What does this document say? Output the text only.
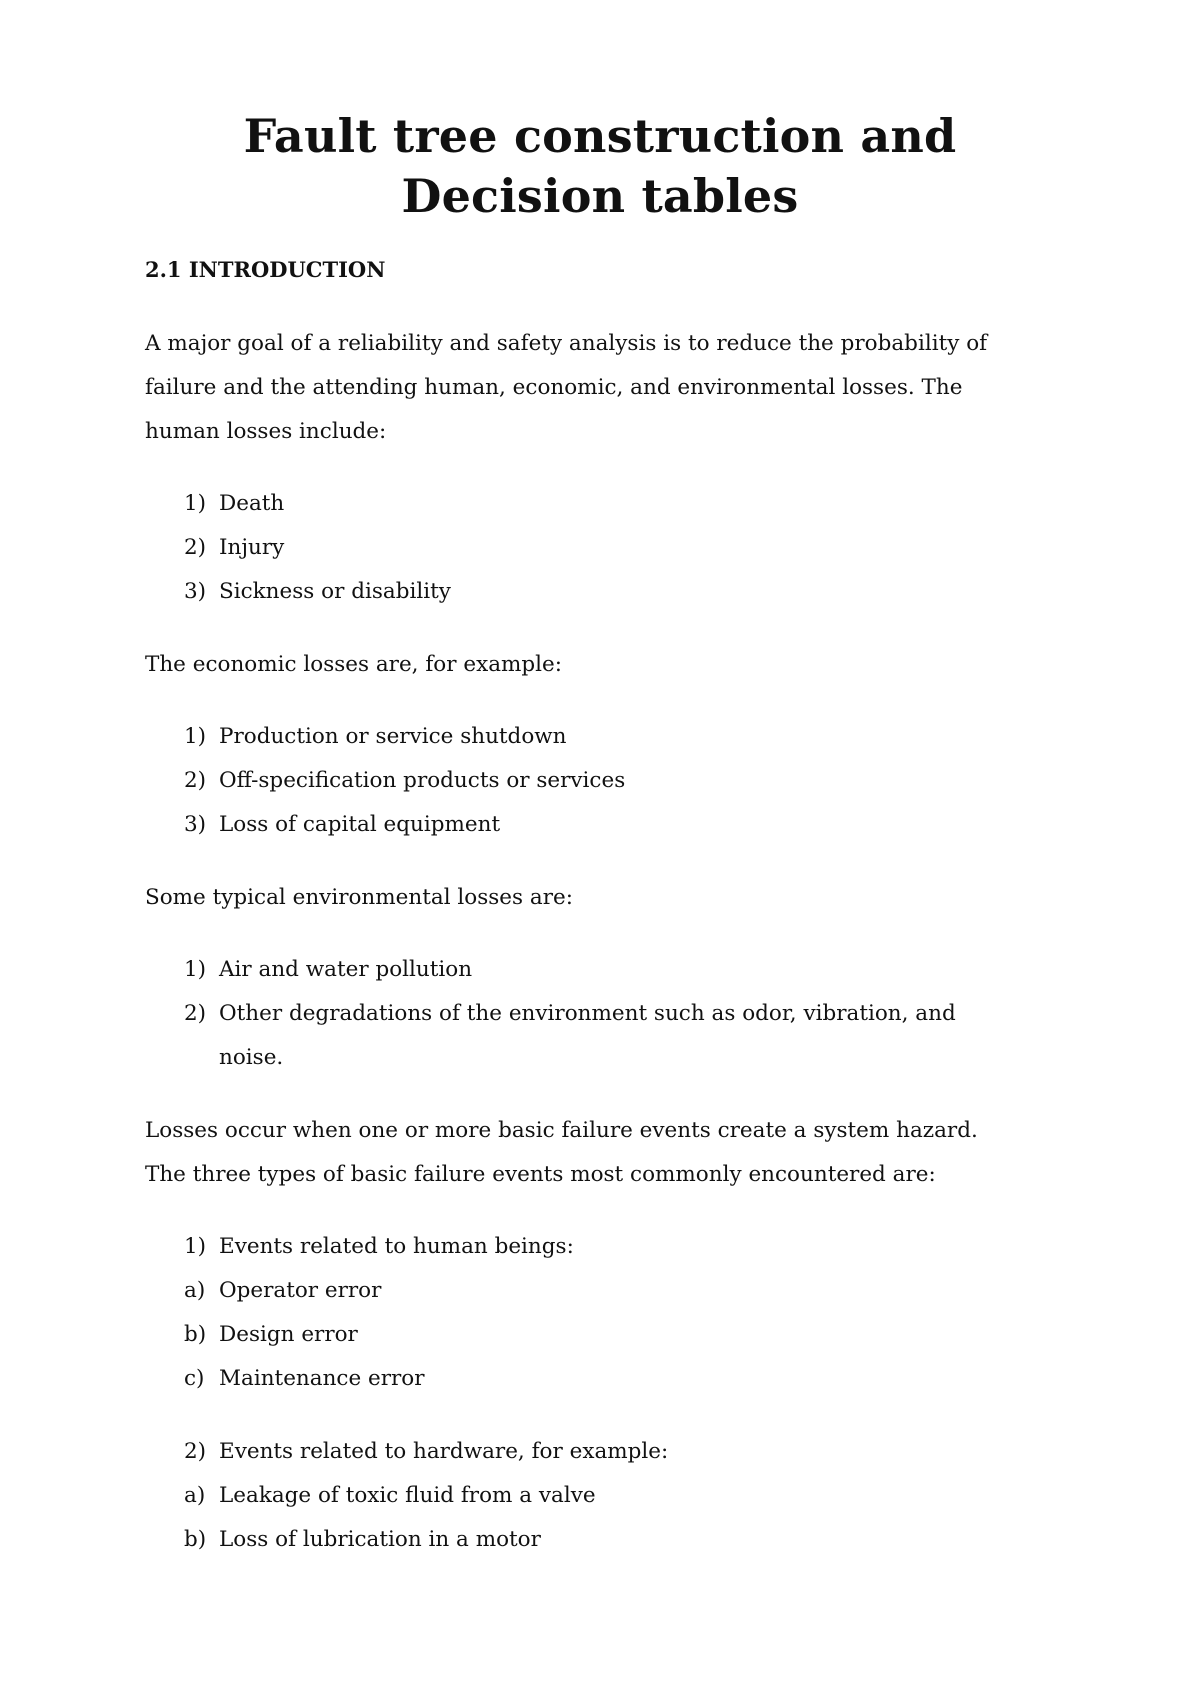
Fault tree construction and
Decision tables
2.1 INTRODUCTION
A major goal of a reliability and safety analysis is to reduce the probability of
failure and the attending human, economic, and environmental losses. The
human losses include:
1) Death
2) Injury
3) Sickness or disability
The economic losses are, for example:
1) Production or service shutdown
2) Off-specification products or services
3) Loss of capital equipment
Some typical environmental losses are:
1) Air and water pollution
2) Other degradations of the environment such as odor, vibration, and
noise.
Losses occur when one or more basic failure events create a system hazard.
The three types of basic failure events most commonly encountered are:
1) Events related to human beings:
a) Operator error
b) Design error
c) Maintenance error
2) Events related to hardware, for example:
a) Leakage of toxic fluid from a valve
b) Loss of lubrication in a motor
